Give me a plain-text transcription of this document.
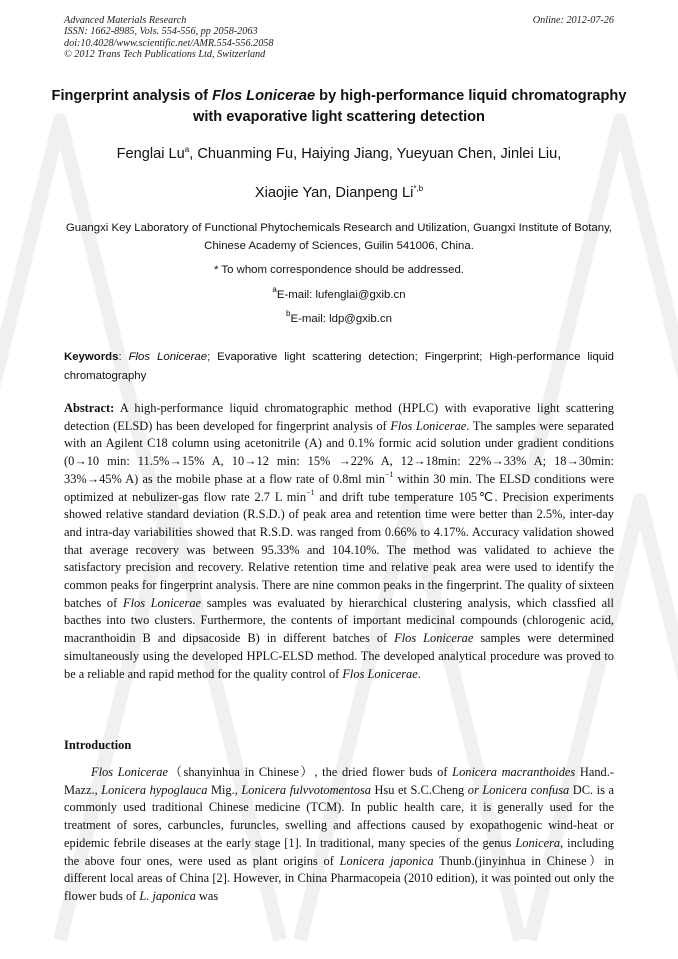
Advanced Materials Research
ISSN: 1662-8985, Vols. 554-556, pp 2058-2063
doi:10.4028/www.scientific.net/AMR.554-556.2058
© 2012 Trans Tech Publications Ltd, Switzerland
Online: 2012-07-26
Fingerprint analysis of Flos Lonicerae by high-performance liquid chromatography with evaporative light scattering detection
Fenglai Lu$^a$, Chuanming Fu, Haiying Jiang, Yueyuan Chen, Jinlei Liu,
Xiaojie Yan, Dianpeng $Li^{*,b}$
Guangxi Key Laboratory of Functional Phytochemicals Research and Utilization, Guangxi Institute of Botany, Chinese Academy of Sciences, Guilin 541006, China.
* To whom correspondence should be addressed.
$^a$E-mail: lufenglai@gxib.cn
$^b$E-mail: ldp@gxib.cn
Keywords: Flos Lonicerae; Evaporative light scattering detection; Fingerprint; High-performance liquid chromatography
Abstract: A high-performance liquid chromatographic method (HPLC) with evaporative light scattering detection (ELSD) has been developed for fingerprint analysis of Flos Lonicerae. The samples were separated with an Agilent C18 column using acetonitrile (A) and 0.1% formic acid solution under gradient conditions (0→10 min: 11.5%→15% A, 10→12 min: 15% →22% A, 12→18min: 22%→33% A; 18→30min: 33%→45% A) as the mobile phase at a flow rate of 0.8ml $\min^{-1}$ within 30 min. The ELSD conditions were optimized at nebulizer-gas flow rate 2.7 L $\min^{-1}$ and drift tube temperature 105℃. Precision experiments showed relative standard deviation (R.S.D.) of peak area and retention time were better than 2.5%, inter-day and intra-day variabilities showed that R.S.D. was ranged from 0.66% to 4.17%. Accuracy validation showed that average recovery was between 95.33% and 104.10%. The method was validated to achieve the satisfactory precision and recovery. Relative retention time and relative peak area were used to identify the common peaks for fingerprint analysis. There are nine common peaks in the fingerprint. The quality of sixteen batches of Flos Lonicerae samples was evaluated by hierarchical clustering analysis, which classfied all bacthes into two clusters. Furthermore, the contents of important medicinal compounds (chlorogenic acid, macranthoidin B and dipsacoside B) in different batches of Flos Lonicerae samples were determined simultaneously using the developed HPLC-ELSD method. The developed analytical procedure was proved to be a reliable and rapid method for the quality control of Flos Lonicerae.
Introduction
Flos Lonicerae（shanyinhua in Chinese）, the dried flower buds of Lonicera macranthoides Hand.-Mazz., Lonicera hypoglauca Mig., Lonicera fulvvotomentosa Hsu et S.C.Cheng or Lonicera confusa DC. is a commonly used traditional Chinese medicine (TCM). In public health care, it is generally used for the treatment of sores, carbuncles, furuncles, swelling and affections caused by exopathogenic wind-heat or epidemic febrile diseases at the early stage [1]. In traditional, many species of the genus Lonicera, including the above four ones, were used as plant origins of Lonicera japonica Thunb.(jinyinhua in Chinese）in different local areas of China [2]. However, in China Pharmacopeia (2010 edition), it was pointed out only the flower buds of L. japonica was
